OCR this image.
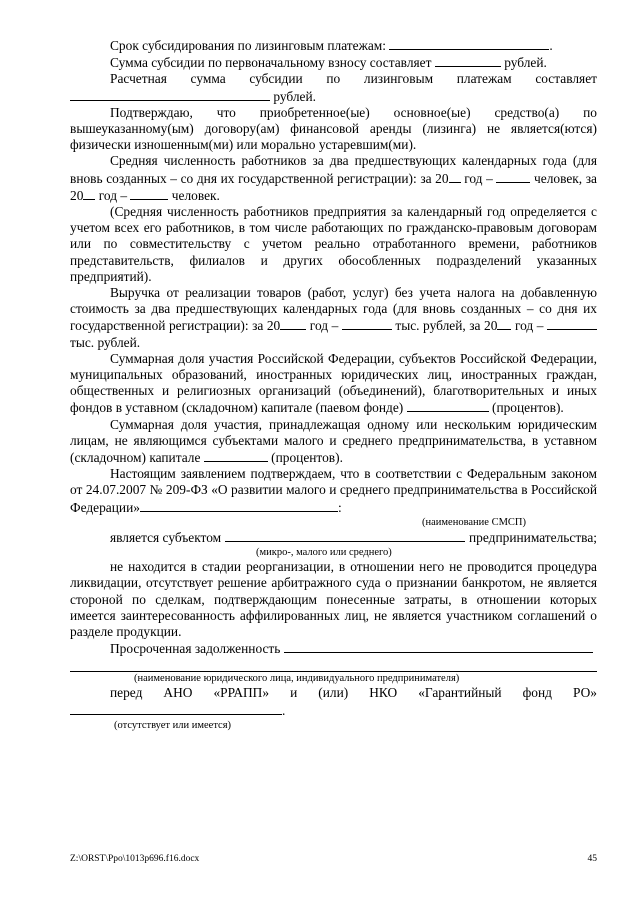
Срок субсидирования по лизинговым платежам:	.

Сумма субсидии по первоначальному взносу составляет	рублей.

Расчетная сумма субсидии по лизинговым платежам составляет

рублей.

Подтверждаю, что приобретенное(ые) основное(ые) средство(а) по вышеуказанному(ым) договору(ам) финансовой аренды (лизинга) не является(ются) физически изношенным(ми) или морально устаревшим(ми).

Средняя численность работников за два предшествующих календарных года (для вновь созданных – со дня их государственной регистрации): за 20 год –	человек, за 20 год –	человек.

(Средняя численность работников предприятия за календарный год определяется с учетом всех его работников, в том числе работающих по гражданско-правовым договорам или по совместительству с учетом реально отработанного времени, работников представительств, филиалов и других обособленных подразделений указанных предприятий).

Выручка от реализации товаров (работ, услуг) без учета налога на добавленную стоимость за два предшествующих календарных года (для вновь созданных – со дня их государственной регистрации): за 20 год –	тыс. рублей, за 20 год –  тыс. рублей.

Суммарная доля участия Российской Федерации, субъектов Российской Федерации, муниципальных образований, иностранных юридических лиц, иностранных граждан, общественных и религиозных организаций (объединений), благотворительных и иных фондов в уставном (складочном) капитале (паевом фонде)	(процентов).

Суммарная доля участия, принадлежащая одному или нескольким юридическим лицам, не являющимся субъектами малого и среднего предпринимательства, в уставном (складочном) капитале	(процентов).

Настоящим заявлением подтверждаем, что в соответствии с Федеральным законом от 24.07.2007 № 209-ФЗ «О развитии малого и среднего предпринимательства в Российской Федерации»	:

(наименование СМСП)

является субъектом	предпринимательства;

(микро-, малого или среднего)

не находится в стадии реорганизации, в отношении него не проводится процедура ликвидации, отсутствует решение арбитражного суда о признании банкротом, не является стороной по сделкам, подтверждающим понесенные затраты, в отношении которых имеется заинтересованность аффилированных лиц, не является участником соглашений о разделе продукции.

Просроченная задолженность

(наименование юридического лица, индивидуального предпринимателя)

перед АНО «РРАПП» и (или) НКО «Гарантийный фонд РО»

.

(отсутствует или имеется)

Z:\ORST\Ppo\1013p696.f16.docx	45
